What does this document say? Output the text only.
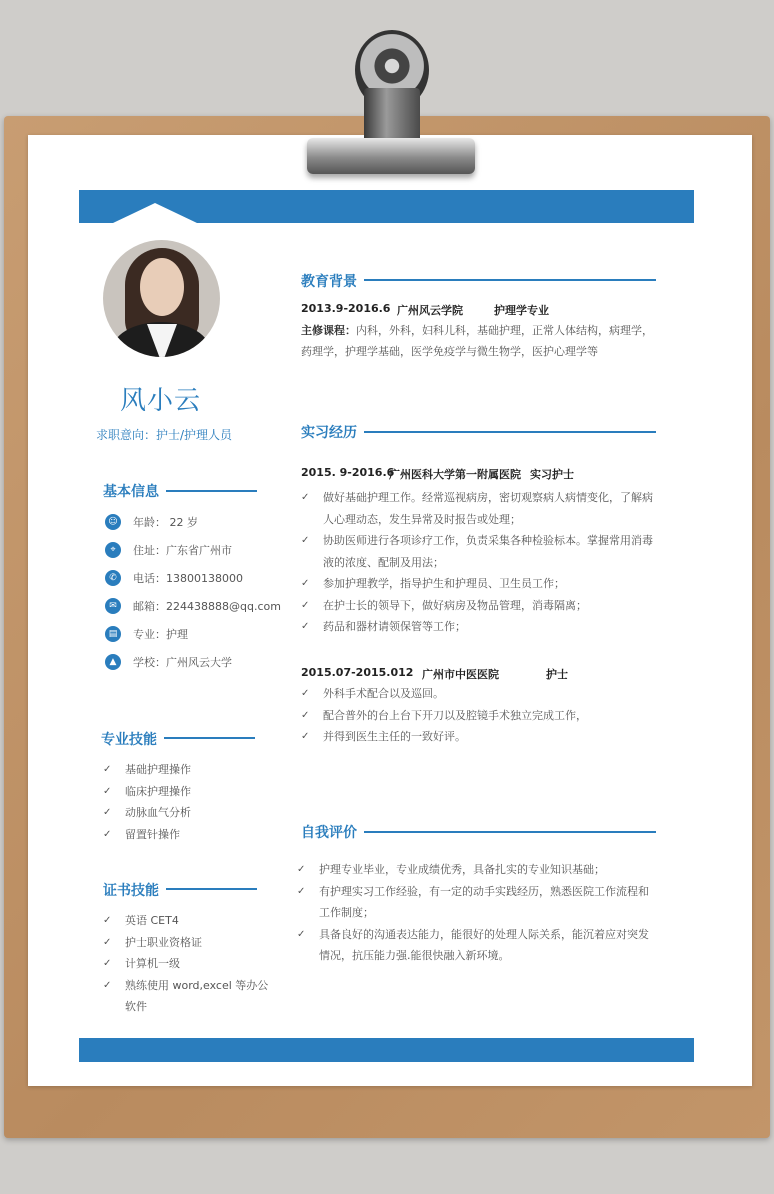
风小云
求职意向：护士/护理人员
基本信息
☺	年龄： 22 岁
⌖	住址：广东省广州市
✆	电话：13800138000
✉	邮箱：224438888@qq.com
▤	专业：护理
▲	学校：广州风云大学
专业技能
✓ 基础护理操作
✓ 临床护理操作
✓ 动脉血气分析
✓ 留置针操作
证书技能
✓ 英语 CET4
✓ 护士职业资格证
✓ 计算机一级
✓ 熟练使用 word,excel 等办公
软件
教育背景
2013.9-2016.6 广州风云学院	护理学专业
主修课程：内科，外科，妇科儿科，基础护理，正常人体结构，病理学，
药理学，护理学基础，医学免疫学与微生物学，医护心理学等
实习经历
2015. 9-2016.6
广州医科大学第一附属医院 实习护士
✓ 做好基础护理工作。经常巡视病房，密切观察病人病情变化，了解病
人心理动态，发生异常及时报告或处理；
✓ 协助医师进行各项诊疗工作，负责采集各种检验标本。掌握常用消毒
液的浓度、配制及用法；
✓ 参加护理教学，指导护生和护理员、卫生员工作；
✓ 在护士长的领导下，做好病房及物品管理，消毒隔离；
✓ 药品和器材请领保管等工作；
2015.07-2015.012 广州市中医医院	护士
✓ 外科手术配合以及巡回。
✓ 配合普外的台上台下开刀以及腔镜手术独立完成工作，
✓ 并得到医生主任的一致好评。
自我评价
✓ 护理专业毕业，专业成绩优秀，具备扎实的专业知识基础；
✓ 有护理实习工作经验，有一定的动手实践经历，熟悉医院工作流程和
工作制度；
✓ 具备良好的沟通表达能力，能很好的处理人际关系，能沉着应对突发
情况，抗压能力强.能很快融入新环境。
